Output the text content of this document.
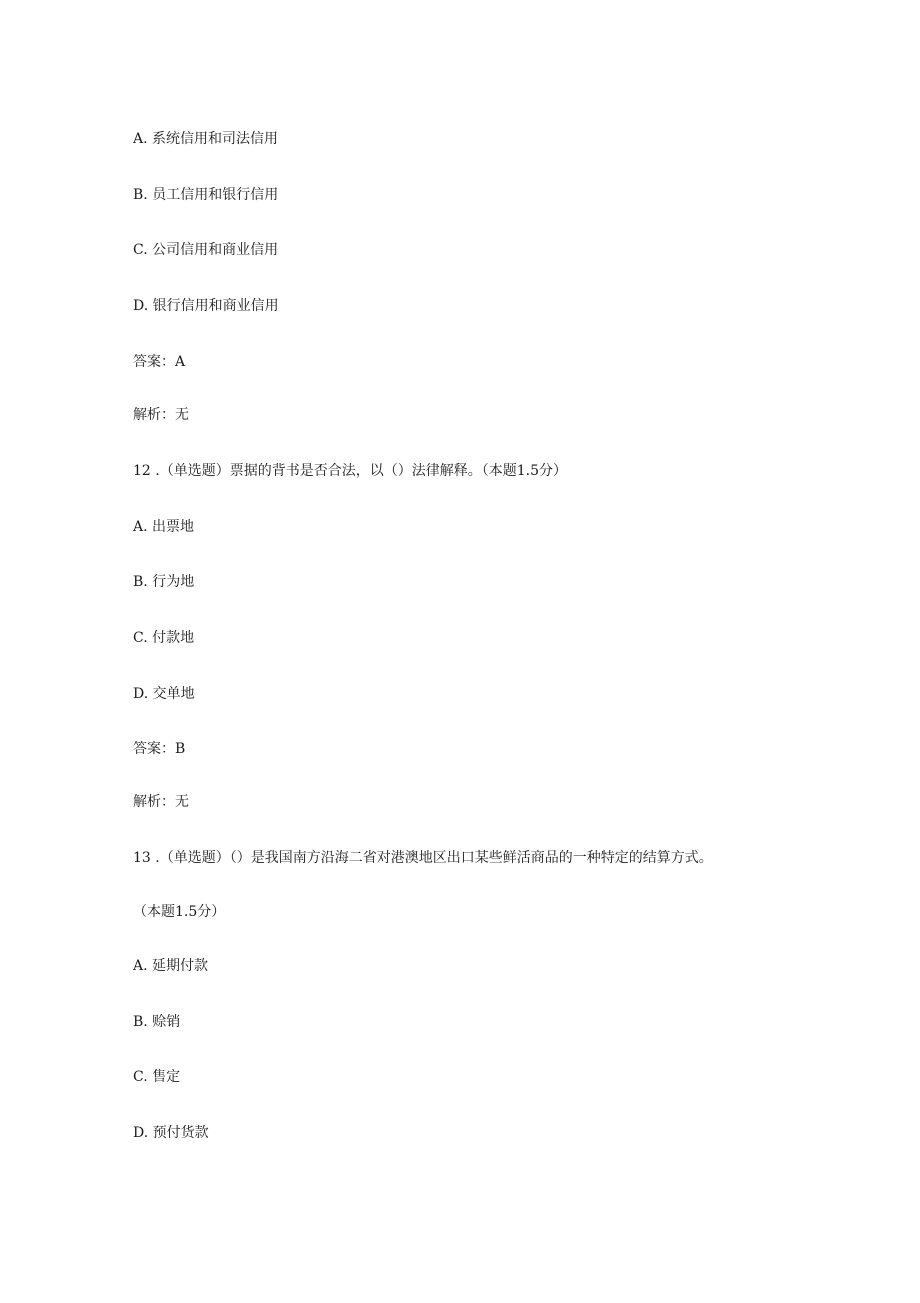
A. 系统信用和司法信用
B. 员工信用和银行信用
C. 公司信用和商业信用
D. 银行信用和商业信用
答案：A
解析：无
12 .（单选题）票据的背书是否合法，以（）法律解释。（本题1.5分）
A. 出票地
B. 行为地
C. 付款地
D. 交单地
答案：B
解析：无
13 .（单选题）（）是我国南方沿海二省对港澳地区出口某些鲜活商品的一种特定的结算方式。
（本题1.5分）
A. 延期付款
B. 赊销
C. 售定
D. 预付货款
